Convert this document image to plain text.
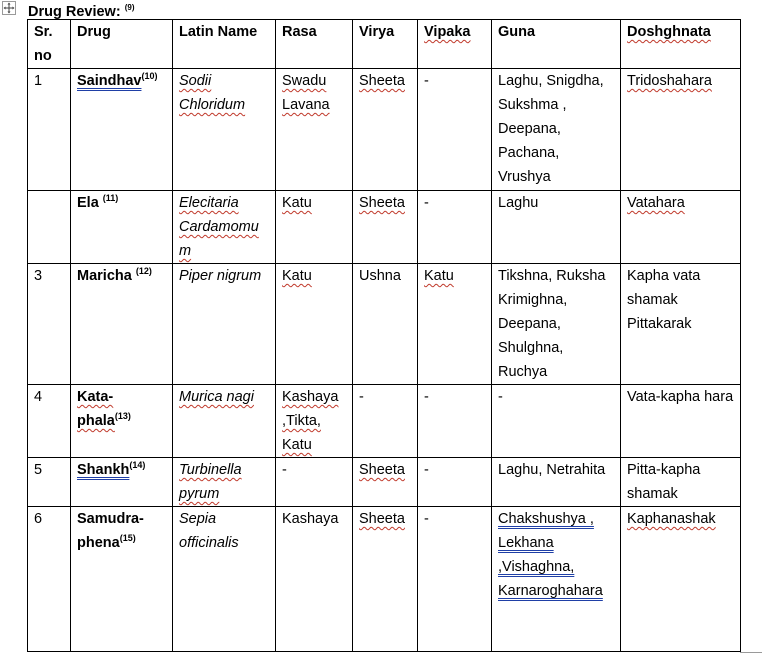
Drug Review: $^{(9)}$
Sr. no	Drug	Latin Name	Rasa	Virya	Vipaka	Guna	Doshghnata
1	Saindhav$^{(10)}$	Sodii Chloridum	Swadu Lavana	Sheeta	-	Laghu, Snigdha, Sukshma , Deepana, Pachana, Vrushya	Tridoshahara
	Ela $^{(11)}$	Elecitaria Cardamomum	Katu	Sheeta	-	Laghu	Vatahara
3	Maricha $^{(12)}$	Piper nigrum	Katu	Ushna	Katu	Tikshna, Ruksha Krimighna, Deepana, Shulghna, Ruchya	Kapha vata shamak Pittakarak
4	Kata-phala$^{(13)}$	Murica nagi	Kashaya ,Tikta, Katu	-	-	-	Vata-kapha hara
5	Shankh$^{(14)}$	Turbinella pyrum	-	Sheeta	-	Laghu, Netrahita	Pitta-kapha shamak
6	Samudra-phena$^{(15)}$	Sepia officinalis	Kashaya	Sheeta	-	Chakshushya , Lekhana ,Vishaghna, Karnaroghahara	Kaphanashak
